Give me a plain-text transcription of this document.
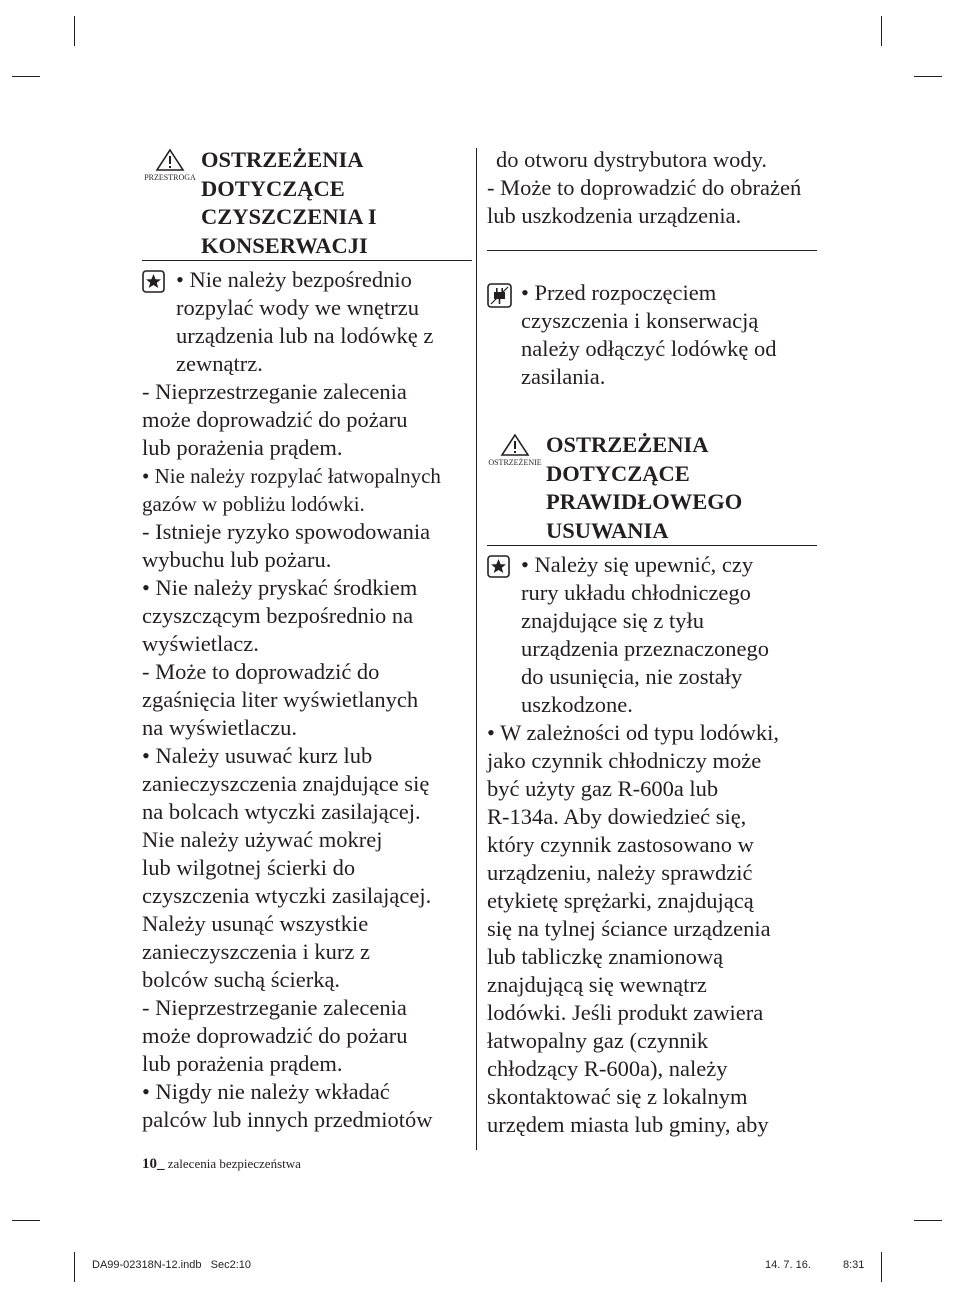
PRZESTROGA
OSTRZEŻENIA
DOTYCZĄCE
CZYSZCZENIA I
KONSERWACJI
• Nie należy bezpośrednio
rozpylać wody we wnętrzu
urządzenia lub na lodówkę z
zewnątrz.
- Nieprzestrzeganie zalecenia
może doprowadzić do pożaru
lub porażenia prądem.
• Nie należy rozpylać łatwopalnych
gazów w pobliżu lodówki.
- Istnieje ryzyko spowodowania
wybuchu lub pożaru.
• Nie należy pryskać środkiem
czyszczącym bezpośrednio na
wyświetlacz.
- Może to doprowadzić do
zgaśnięcia liter wyświetlanych
na wyświetlaczu.
• Należy usuwać kurz lub
zanieczyszczenia znajdujące się
na bolcach wtyczki zasilającej.
Nie należy używać mokrej
lub wilgotnej ścierki do
czyszczenia wtyczki zasilającej.
Należy usunąć wszystkie
zanieczyszczenia i kurz z
bolców suchą ścierką.
- Nieprzestrzeganie zalecenia
może doprowadzić do pożaru
lub porażenia prądem.
• Nigdy nie należy wkładać
palców lub innych przedmiotów
do otworu dystrybutora wody.
- Może to doprowadzić do obrażeń
lub uszkodzenia urządzenia.
• Przed rozpoczęciem
czyszczenia i konserwacją
należy odłączyć lodówkę od
zasilania.
OSTRZEŻENIE
OSTRZEŻENIA
DOTYCZĄCE
PRAWIDŁOWEGO
USUWANIA
• Należy się upewnić, czy
rury układu chłodniczego
znajdujące się z tyłu
urządzenia przeznaczonego
do usunięcia, nie zostały
uszkodzone.
• W zależności od typu lodówki,
jako czynnik chłodniczy może
być użyty gaz R-600a lub
R-134a. Aby dowiedzieć się,
który czynnik zastosowano w
urządzeniu, należy sprawdzić
etykietę sprężarki, znajdującą
się na tylnej ściance urządzenia
lub tabliczkę znamionową
znajdującą się wewnątrz
lodówki. Jeśli produkt zawiera
łatwopalny gaz (czynnik
chłodzący R-600a), należy
skontaktować się z lokalnym
urzędem miasta lub gminy, aby
10_ zalecenia bezpieczeństwa
DA99-02318N-12.indb   Sec2:10	14. 7. 16.	8:31
